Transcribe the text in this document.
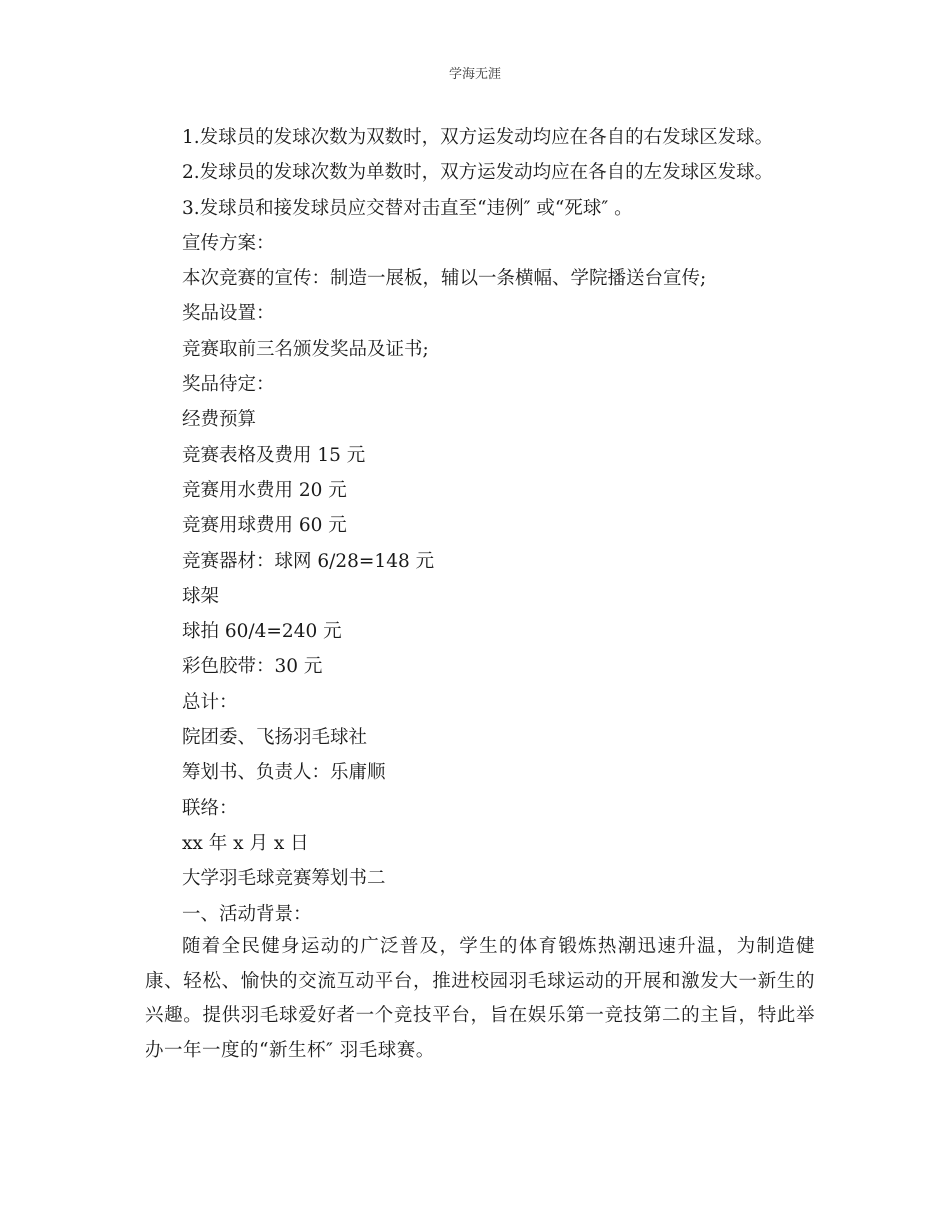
学海无涯
1.发球员的发球次数为双数时，双方运发动均应在各自的右发球区发球。
2.发球员的发球次数为单数时，双方运发动均应在各自的左发球区发球。
3.发球员和接发球员应交替对击直至“违例″ 或“死球″ 。
宣传方案：
本次竞赛的宣传：制造一展板，辅以一条横幅、学院播送台宣传;
奖品设置：
竞赛取前三名颁发奖品及证书;
奖品待定：
经费预算
竞赛表格及费用 15 元
竞赛用水费用 20 元
竞赛用球费用 60 元
竞赛器材：球网 6/28=148 元
球架
球拍 60/4=240 元
彩色胶带：30 元
总计：
院团委、飞扬羽毛球社
筹划书、负责人：乐庸顺
联络：
xx 年 x 月 x 日
大学羽毛球竞赛筹划书二
一、活动背景：
随着全民健身运动的广泛普及，学生的体育锻炼热潮迅速升温，为制造健康、轻松、愉快的交流互动平台，推进校园羽毛球运动的开展和激发大一新生的兴趣。提供羽毛球爱好者一个竞技平台，旨在娱乐第一竞技第二的主旨，特此举办一年一度的“新生杯″ 羽毛球赛。
